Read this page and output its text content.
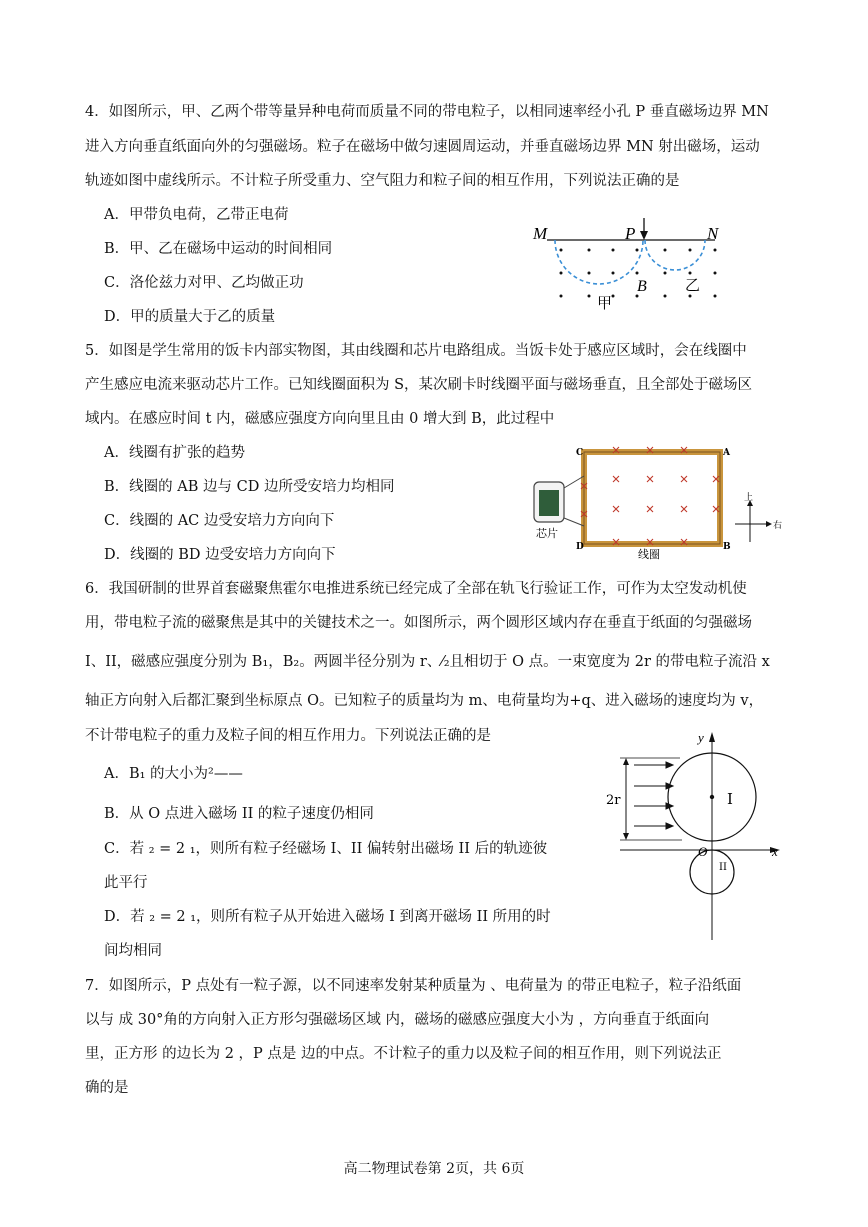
4．如图所示，甲、乙两个带等量异种电荷而质量不同的带电粒子，以相同速率经小孔 P 垂直磁场边界 MN
进入方向垂直纸面向外的匀强磁场。粒子在磁场中做匀速圆周运动，并垂直磁场边界 MN 射出磁场，运动
轨迹如图中虚线所示。不计粒子所受重力、空气阻力和粒子间的相互作用，下列说法正确的是
A．甲带负电荷，乙带正电荷
B．甲、乙在磁场中运动的时间相同
C．洛伦兹力对甲、乙均做正功
D．甲的质量大于乙的质量
M	P	N
B
甲
乙
5．如图是学生常用的饭卡内部实物图，其由线圈和芯片电路组成。当饭卡处于感应区域时，会在线圈中
产生感应电流来驱动芯片工作。已知线圈面积为 S，某次刷卡时线圈平面与磁场垂直，且全部处于磁场区
域内。在感应时间 t 内，磁感应强度方向向里且由 0 增大到 B，此过程中
A．线圈有扩张的趋势
B．线圈的 AB 边与 CD 边所受安培力均相同
C．线圈的 AC 边受安培力方向向下
D．线圈的 BD 边受安培力方向向下
C	A
D	B
芯片
线圈
上
右
6．我国研制的世界首套磁聚焦霍尔电推进系统已经完成了全部在轨飞行验证工作，可作为太空发动机使
用，带电粒子流的磁聚焦是其中的关键技术之一。如图所示，两个圆形区域内存在垂直于纸面的匀强磁场
I、II，磁感应强度分别为 B₁，B₂。两圆半径分别为 r、⁄₂且相切于 O 点。一束宽度为 2r 的带电粒子流沿 x
轴正方向射入后都汇聚到坐标原点 O。已知粒子的质量均为 m、电荷量均为+q、进入磁场的速度均为 v，
不计带电粒子的重力及粒子间的相互作用力。下列说法正确的是
A．B₁ 的大小为²——
B．从 O 点进入磁场 II 的粒子速度仍相同
C．若 ₂ = 2 ₁，则所有粒子经磁场 I、II 偏转射出磁场 II 后的轨迹彼
此平行
D．若 ₂ = 2 ₁，则所有粒子从开始进入磁场 I 到离开磁场 II 所用的时
间均相同
y
x
O
2r	I
II
7．如图所示，P 点处有一粒子源，以不同速率发射某种质量为 、电荷量为 的带正电粒子，粒子沿纸面
以与 成 30°角的方向射入正方形匀强磁场区域 内，磁场的磁感应强度大小为 ，方向垂直于纸面向
里，正方形 的边长为 2 ，P 点是 边的中点。不计粒子的重力以及粒子间的相互作用，则下列说法正
确的是
高二物理试卷第 2页，共 6页
